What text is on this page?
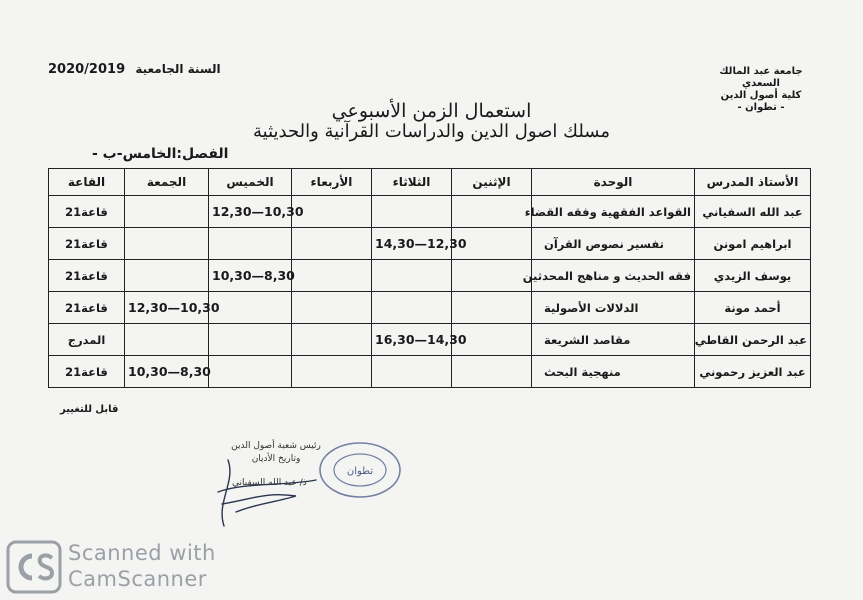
السنة الجامعية 2020/2019	جامعة عبد المالك السعدي
كلية أصول الدين
- تطوان -
استعمال الزمن الأسبوعي
مسلك اصول الدين والدراسات القرآنية والحديثية
الفصل:الخامس-ب -
الأستاذ المدرس	الوحدة	الإثنين	الثلاثاء	الأربعاء	الخميس	الجمعة	القاعة
عبد الله السفياني	القواعد الفقهية وفقه القضاء				12,30—10,30		قاعة21
ابراهيم امونن	تفسير نصوص القرآن		14,30—12,30				قاعة21
يوسف الزيدي	فقه الحديث و مناهج المحدثين				10,30—8,30		قاعة21
أحمد مونة	الدلالات الأصولية					12,30—10,30	قاعة21
عبد الرحمن القاطي	مقاصد الشريعة		16,30—14,30				المدرج
عبد العزيز رحموني	منهجية البحث					10,30—8,30	قاعة21
قابل للتغيير
رئيس شعبة أصول الدين
وتاريخ الأديان
ذ/ عبد الله السفياني
تطوان
Scanned with
CamScanner
